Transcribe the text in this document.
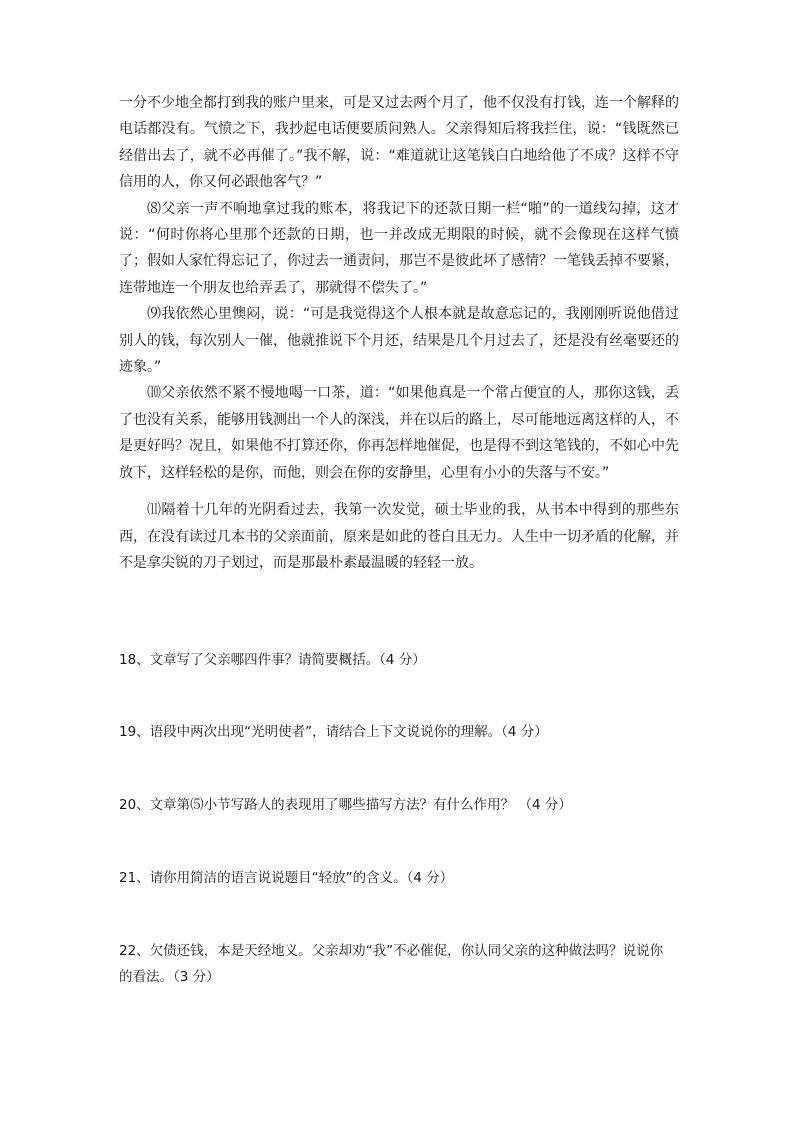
一分不少地全都打到我的账户里来，可是又过去两个月了，他不仅没有打钱，连一个解释的电话都没有。气愤之下，我抄起电话便要质问熟人。父亲得知后将我拦住，说：“钱既然已经借出去了，就不必再催了。”我不解，说：“难道就让这笔钱白白地给他了不成？这样不守信用的人，你又何必跟他客气？”

⑻父亲一声不响地拿过我的账本，将我记下的还款日期一栏“啪”的一道线勾掉，这才说：“何时你将心里那个还款的日期，也一并改成无期限的时候，就不会像现在这样气愤了；假如人家忙得忘记了，你过去一通责问，那岂不是彼此坏了感情？一笔钱丢掉不要紧，连带地连一个朋友也给弄丢了，那就得不偿失了。”

⑼我依然心里懊闷，说：“可是我觉得这个人根本就是故意忘记的，我刚刚听说他借过别人的钱，每次别人一催，他就推说下个月还，结果是几个月过去了，还是没有丝毫要还的迹象。”

⑽父亲依然不紧不慢地喝一口茶，道：“如果他真是一个常占便宜的人，那你这钱，丢了也没有关系，能够用钱测出一个人的深浅，并在以后的路上，尽可能地远离这样的人，不是更好吗？况且，如果他不打算还你，你再怎样地催促，也是得不到这笔钱的，不如心中先放下，这样轻松的是你，而他，则会在你的安静里，心里有小小的失落与不安。”

⑾隔着十几年的光阴看过去，我第一次发觉，硕士毕业的我，从书本中得到的那些东西，在没有读过几本书的父亲面前，原来是如此的苍白且无力。人生中一切矛盾的化解，并不是拿尖锐的刀子划过，而是那最朴素最温暖的轻轻一放。

18、文章写了父亲哪四件事？请简要概括。（4 分）

19、语段中两次出现“光明使者”，请结合上下文说说你的理解。（4 分）

20、文章第⑸小节写路人的表现用了哪些描写方法？有什么作用？ （4 分）

21、请你用简洁的语言说说题目“轻放”的含义。（4 分）

22、欠债还钱，本是天经地义。父亲却劝“我”不必催促，你认同父亲的这种做法吗？说说你的看法。（3 分）
